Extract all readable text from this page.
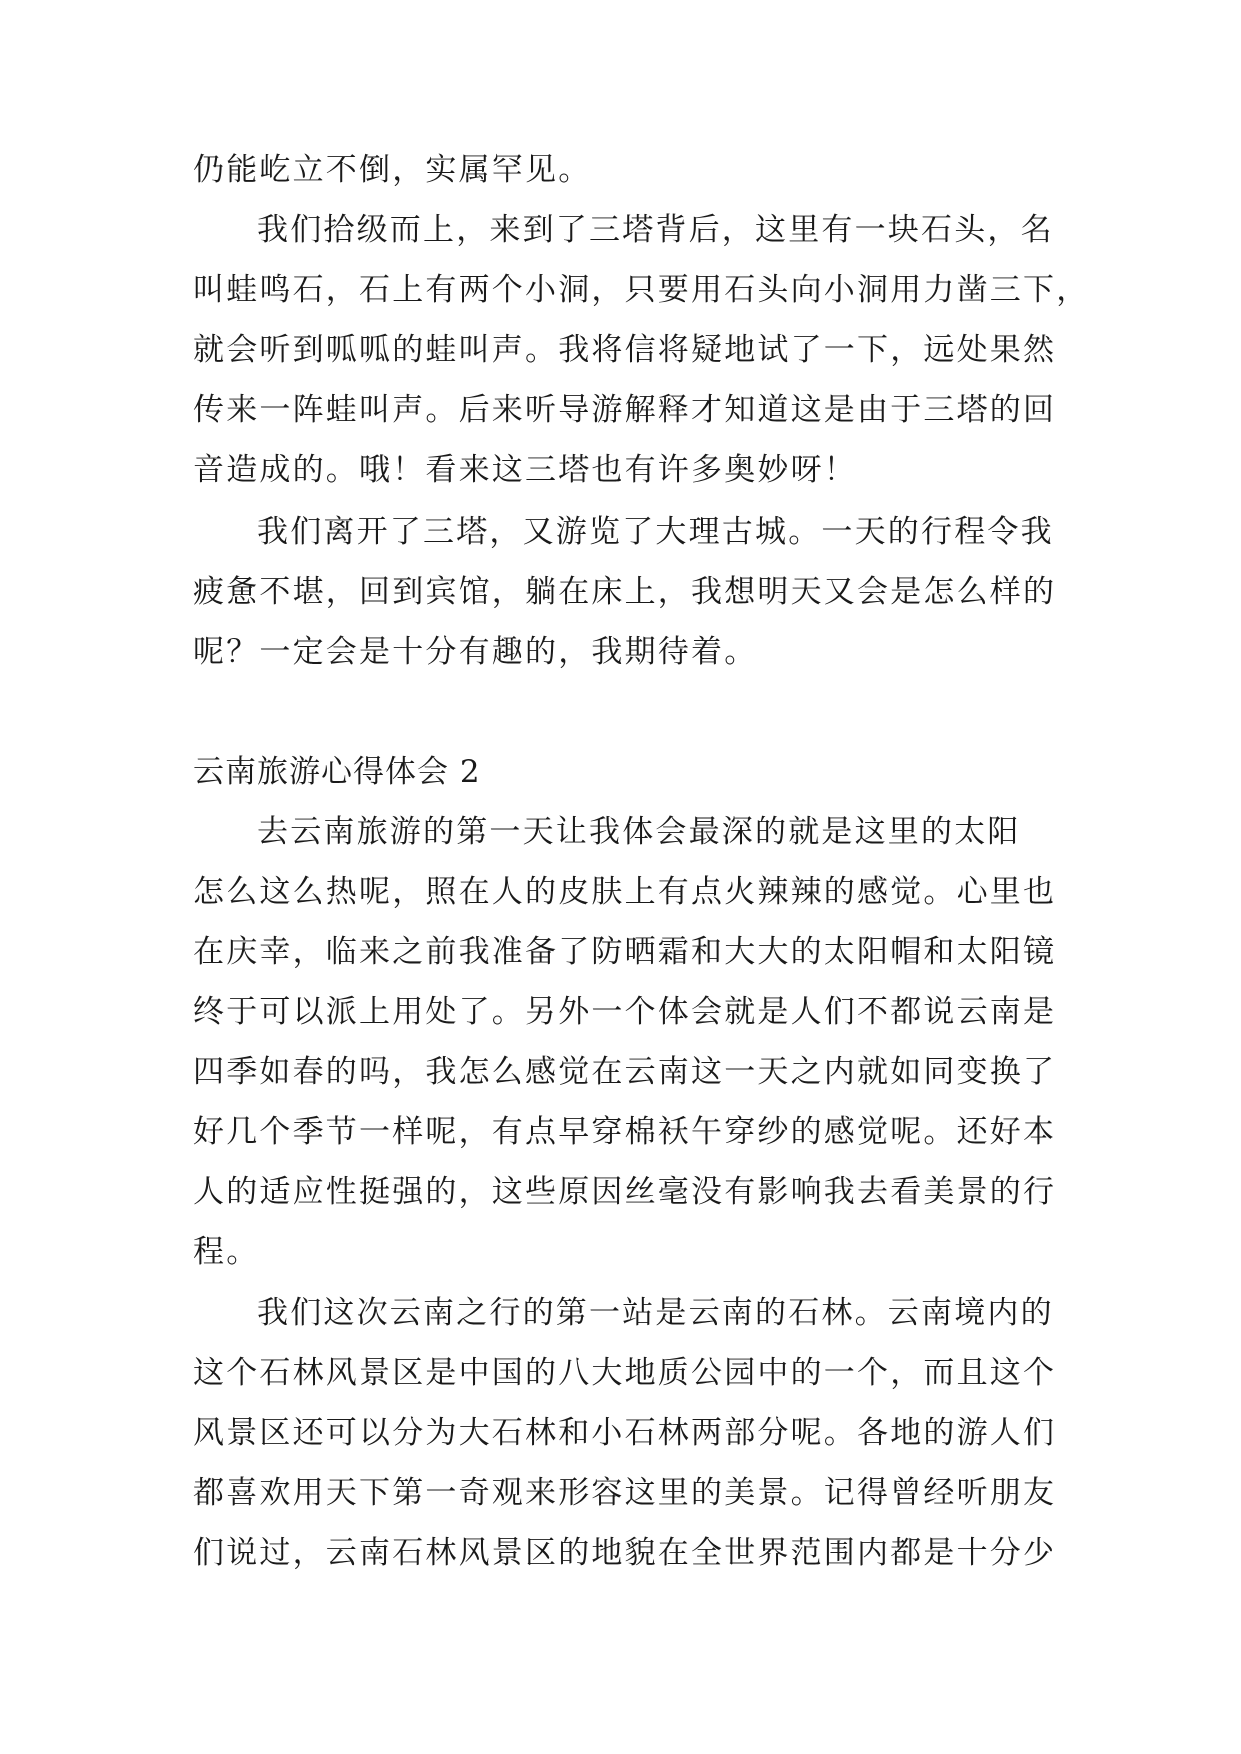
仍能屹立不倒，实属罕见。
我们拾级而上，来到了三塔背后，这里有一块石头，名
叫蛙鸣石，石上有两个小洞，只要用石头向小洞用力凿三下，
就会听到呱呱的蛙叫声。我将信将疑地试了一下，远处果然
传来一阵蛙叫声。后来听导游解释才知道这是由于三塔的回
音造成的。哦！看来这三塔也有许多奥妙呀！
我们离开了三塔，又游览了大理古城。一天的行程令我
疲惫不堪，回到宾馆，躺在床上，我想明天又会是怎么样的
呢？一定会是十分有趣的，我期待着。
云南旅游心得体会 2
去云南旅游的第一天让我体会最深的就是这里的太阳
怎么这么热呢，照在人的皮肤上有点火辣辣的感觉。心里也
在庆幸，临来之前我准备了防晒霜和大大的太阳帽和太阳镜
终于可以派上用处了。另外一个体会就是人们不都说云南是
四季如春的吗，我怎么感觉在云南这一天之内就如同变换了
好几个季节一样呢，有点早穿棉袄午穿纱的感觉呢。还好本
人的适应性挺强的，这些原因丝毫没有影响我去看美景的行
程。
我们这次云南之行的第一站是云南的石林。云南境内的
这个石林风景区是中国的八大地质公园中的一个，而且这个
风景区还可以分为大石林和小石林两部分呢。各地的游人们
都喜欢用天下第一奇观来形容这里的美景。记得曾经听朋友
们说过，云南石林风景区的地貌在全世界范围内都是十分少
